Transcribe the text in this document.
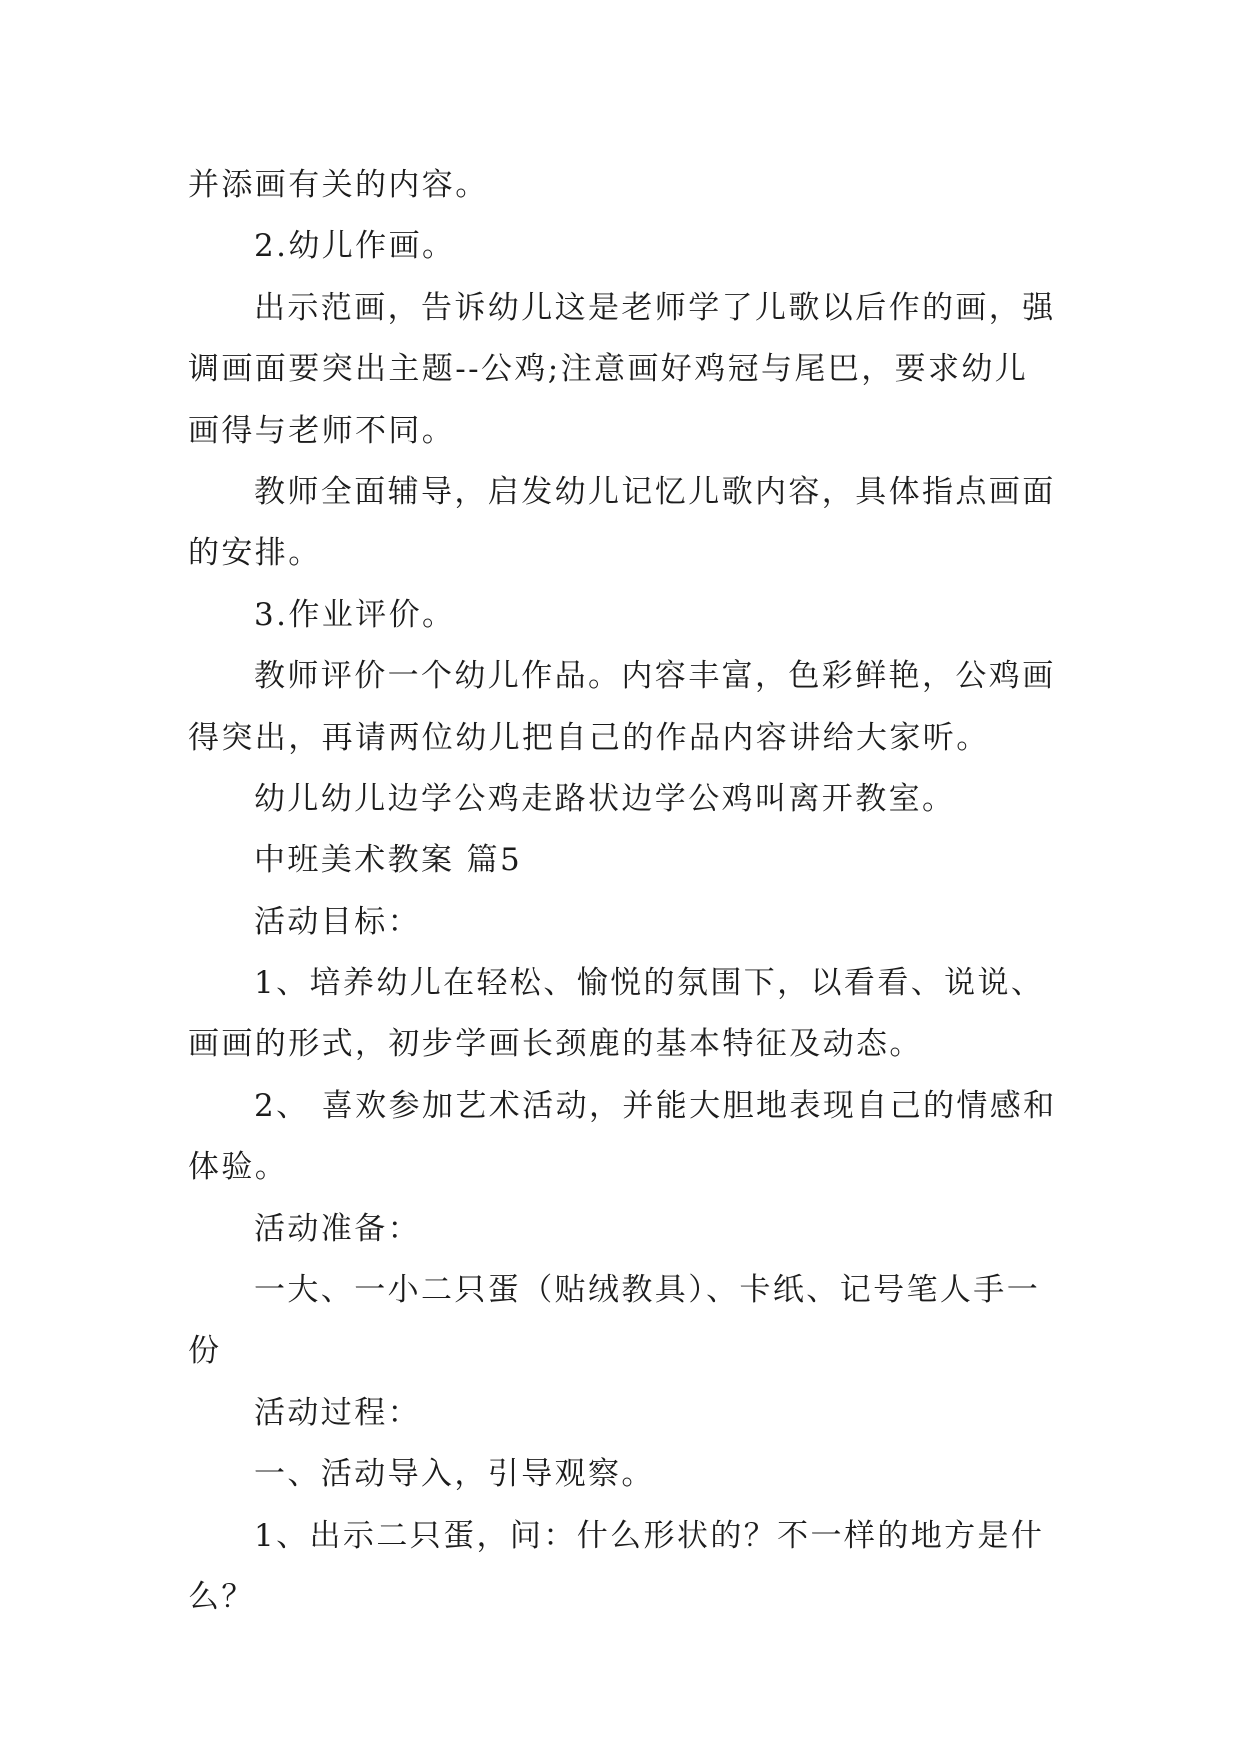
并添画有关的内容。
2.幼儿作画。
出示范画，告诉幼儿这是老师学了儿歌以后作的画，强
调画面要突出主题--公鸡;注意画好鸡冠与尾巴，要求幼儿
画得与老师不同。
教师全面辅导，启发幼儿记忆儿歌内容，具体指点画面
的安排。
3.作业评价。
教师评价一个幼儿作品。内容丰富，色彩鲜艳，公鸡画
得突出，再请两位幼儿把自己的作品内容讲给大家听。
幼儿幼儿边学公鸡走路状边学公鸡叫离开教室。
中班美术教案 篇5
活动目标：
1、培养幼儿在轻松、愉悦的氛围下，以看看、说说、
画画的形式，初步学画长颈鹿的基本特征及动态。
2、 喜欢参加艺术活动，并能大胆地表现自己的情感和
体验。
活动准备：
一大、一小二只蛋（贴绒教具）、卡纸、记号笔人手一
份
活动过程：
一、活动导入，引导观察。
1、出示二只蛋，问：什么形状的？不一样的地方是什
么？
